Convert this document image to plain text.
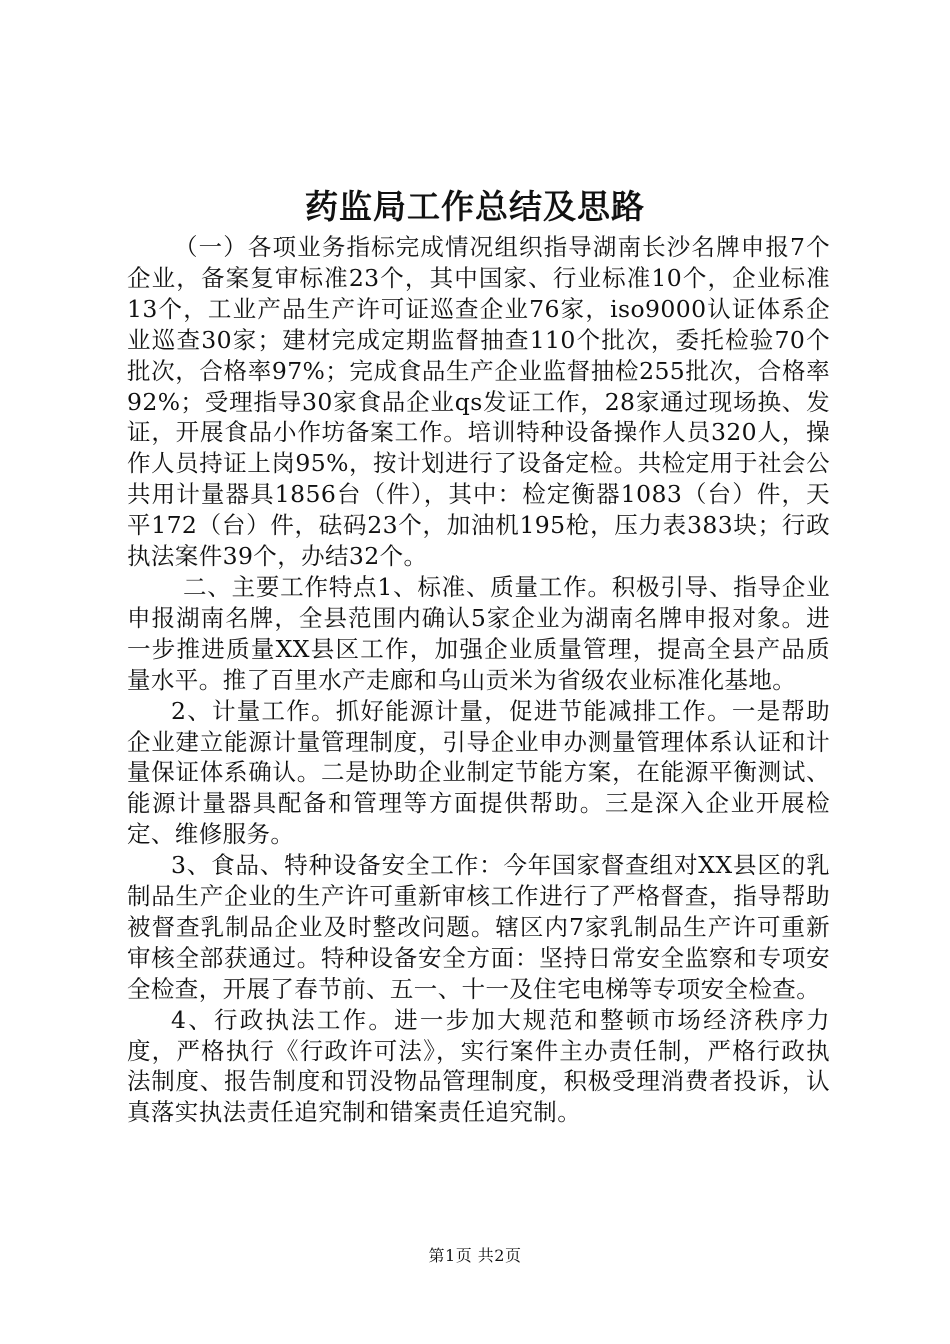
药监局工作总结及思路

（一）各项业务指标完成情况组织指导湖南长沙名牌申报7个企业，备案复审标准23个，其中国家、行业标准10个，企业标准13个，工业产品生产许可证巡查企业76家，iso9000认证体系企业巡查30家；建材完成定期监督抽查110个批次，委托检验70个批次，合格率97%；完成食品生产企业监督抽检255批次，合格率92%；受理指导30家食品企业qs发证工作，28家通过现场换、发证，开展食品小作坊备案工作。培训特种设备操作人员320人，操作人员持证上岗95%，按计划进行了设备定检。共检定用于社会公共用计量器具1856台（件），其中：检定衡器1083（台）件，天平172（台）件，砝码23个，加油机195枪，压力表383块；行政执法案件39个，办结32个。

二、主要工作特点1、标准、质量工作。积极引导、指导企业申报湖南名牌，全县范围内确认5家企业为湖南名牌申报对象。进一步推进质量XX县区工作，加强企业质量管理，提高全县产品质量水平。推了百里水产走廊和乌山贡米为省级农业标准化基地。

2、计量工作。抓好能源计量，促进节能减排工作。一是帮助企业建立能源计量管理制度，引导企业申办测量管理体系认证和计量保证体系确认。二是协助企业制定节能方案，在能源平衡测试、能源计量器具配备和管理等方面提供帮助。三是深入企业开展检定、维修服务。

3、食品、特种设备安全工作：今年国家督查组对XX县区的乳制品生产企业的生产许可重新审核工作进行了严格督查，指导帮助被督查乳制品企业及时整改问题。辖区内7家乳制品生产许可重新审核全部获通过。特种设备安全方面：坚持日常安全监察和专项安全检查，开展了春节前、五一、十一及住宅电梯等专项安全检查。

4、行政执法工作。进一步加大规范和整顿市场经济秩序力度，严格执行《行政许可法》，实行案件主办责任制，严格行政执法制度、报告制度和罚没物品管理制度，积极受理消费者投诉，认真落实执法责任追究制和错案责任追究制。

第1页 共2页
